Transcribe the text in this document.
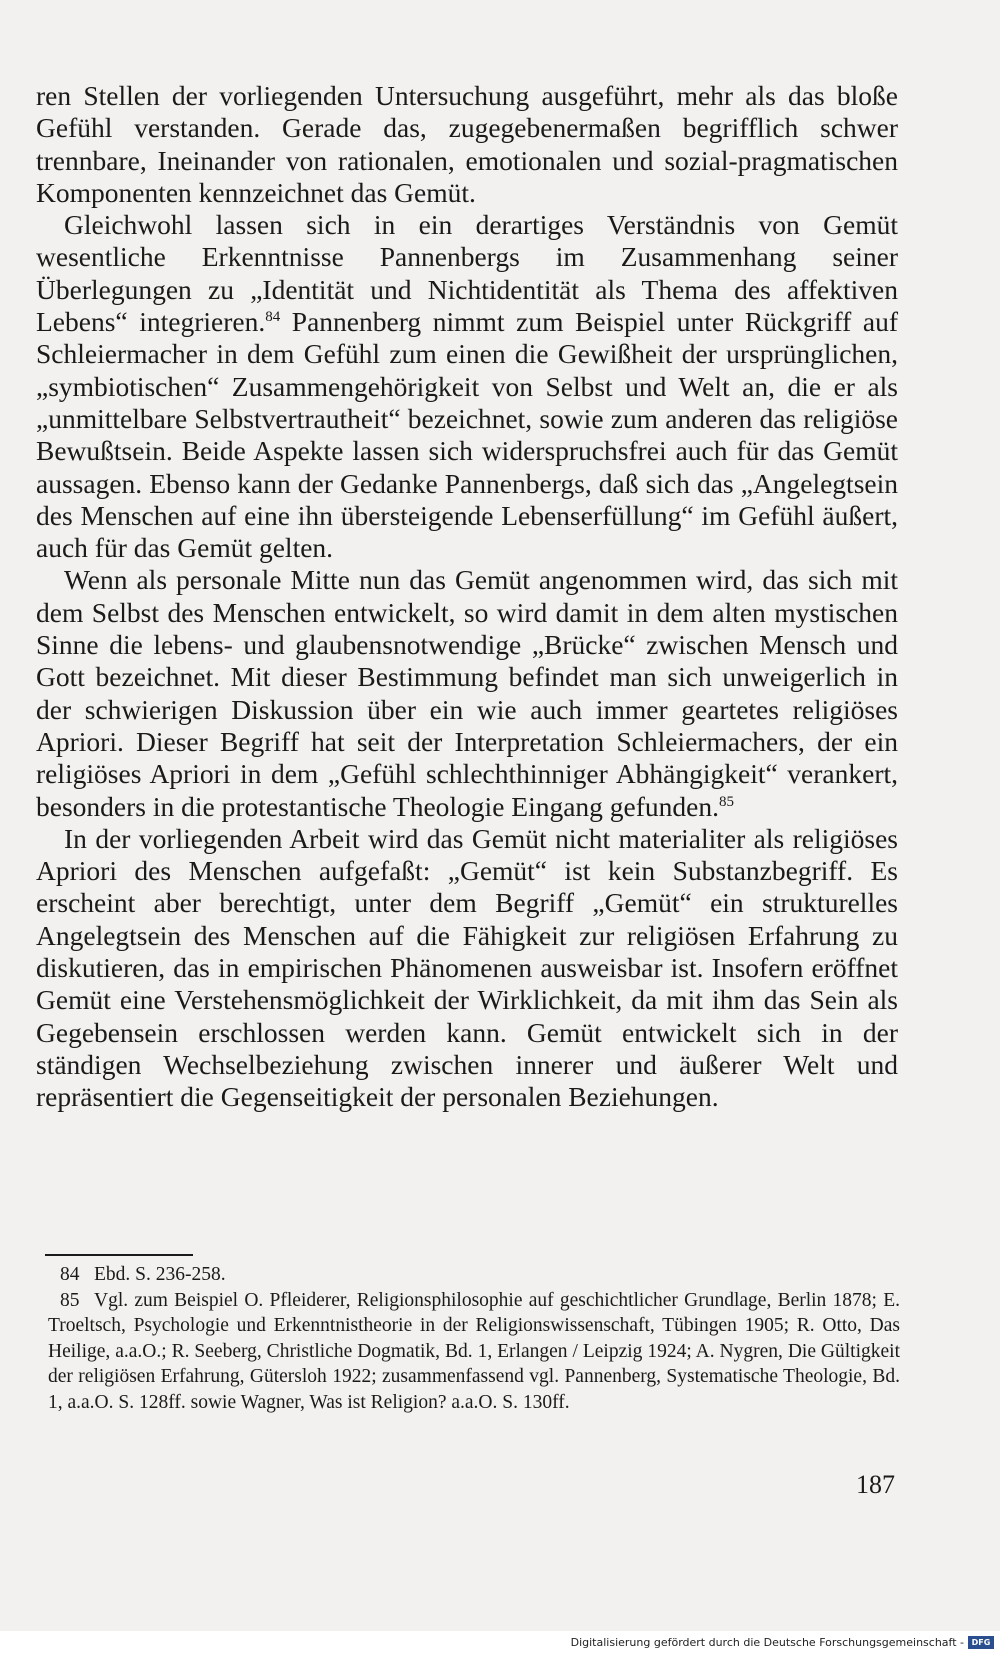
ren Stellen der vorliegenden Untersuchung ausgeführt, mehr als das bloße Gefühl verstanden. Gerade das, zugegebenermaßen begrifflich schwer trennbare, Ineinander von rationalen, emotionalen und sozial-pragmatischen Komponenten kennzeichnet das Gemüt.

Gleichwohl lassen sich in ein derartiges Verständnis von Gemüt wesentliche Erkenntnisse Pannenbergs im Zusammenhang seiner Überlegungen zu „Identität und Nichtidentität als Thema des affektiven Lebens“ integrieren.$^{84}$ Pannenberg nimmt zum Beispiel unter Rückgriff auf Schleiermacher in dem Gefühl zum einen die Gewißheit der ursprünglichen, „symbiotischen“ Zusammengehörigkeit von Selbst und Welt an, die er als „unmittelbare Selbstvertrautheit“ bezeichnet, sowie zum anderen das religiöse Bewußtsein. Beide Aspekte lassen sich widerspruchsfrei auch für das Gemüt aussagen. Ebenso kann der Gedanke Pannenbergs, daß sich das „Angelegtsein des Menschen auf eine ihn übersteigende Lebenserfüllung“ im Gefühl äußert, auch für das Gemüt gelten.

Wenn als personale Mitte nun das Gemüt angenommen wird, das sich mit dem Selbst des Menschen entwickelt, so wird damit in dem alten mystischen Sinne die lebens- und glaubensnotwendige „Brücke“ zwischen Mensch und Gott bezeichnet. Mit dieser Bestimmung befindet man sich unweigerlich in der schwierigen Diskussion über ein wie auch immer geartetes religiöses Apriori. Dieser Begriff hat seit der Interpretation Schleiermachers, der ein religiöses Apriori in dem „Gefühl schlechthinniger Abhängigkeit“ verankert, besonders in die protestantische Theologie Eingang gefunden.$^{85}$

In der vorliegenden Arbeit wird das Gemüt nicht materialiter als religiöses Apriori des Menschen aufgefaßt: „Gemüt“ ist kein Substanzbegriff. Es erscheint aber berechtigt, unter dem Begriff „Gemüt“ ein strukturelles Angelegtsein des Menschen auf die Fähigkeit zur religiösen Erfahrung zu diskutieren, das in empirischen Phänomenen ausweisbar ist. Insofern eröffnet Gemüt eine Verstehensmöglichkeit der Wirklichkeit, da mit ihm das Sein als Gegebensein erschlossen werden kann. Gemüt entwickelt sich in der ständigen Wechselbeziehung zwischen innerer und äußerer Welt und repräsentiert die Gegenseitigkeit der personalen Beziehungen.

84 Ebd. S. 236-258.

85 Vgl. zum Beispiel O. Pfleiderer, Religionsphilosophie auf geschichtlicher Grundlage, Berlin 1878; E. Troeltsch, Psychologie und Erkenntnistheorie in der Religionswissenschaft, Tübingen 1905; R. Otto, Das Heilige, a.a.O.; R. Seeberg, Christliche Dogmatik, Bd. 1, Erlangen / Leipzig 1924; A. Nygren, Die Gültigkeit der religiösen Erfahrung, Gütersloh 1922; zusammenfassend vgl. Pannenberg, Systematische Theologie, Bd. 1, a.a.O. S. 128ff. sowie Wagner, Was ist Religion? a.a.O. S. 130ff.

187
Digitalisierung gefördert durch die Deutsche Forschungsgemeinschaft - DFG
